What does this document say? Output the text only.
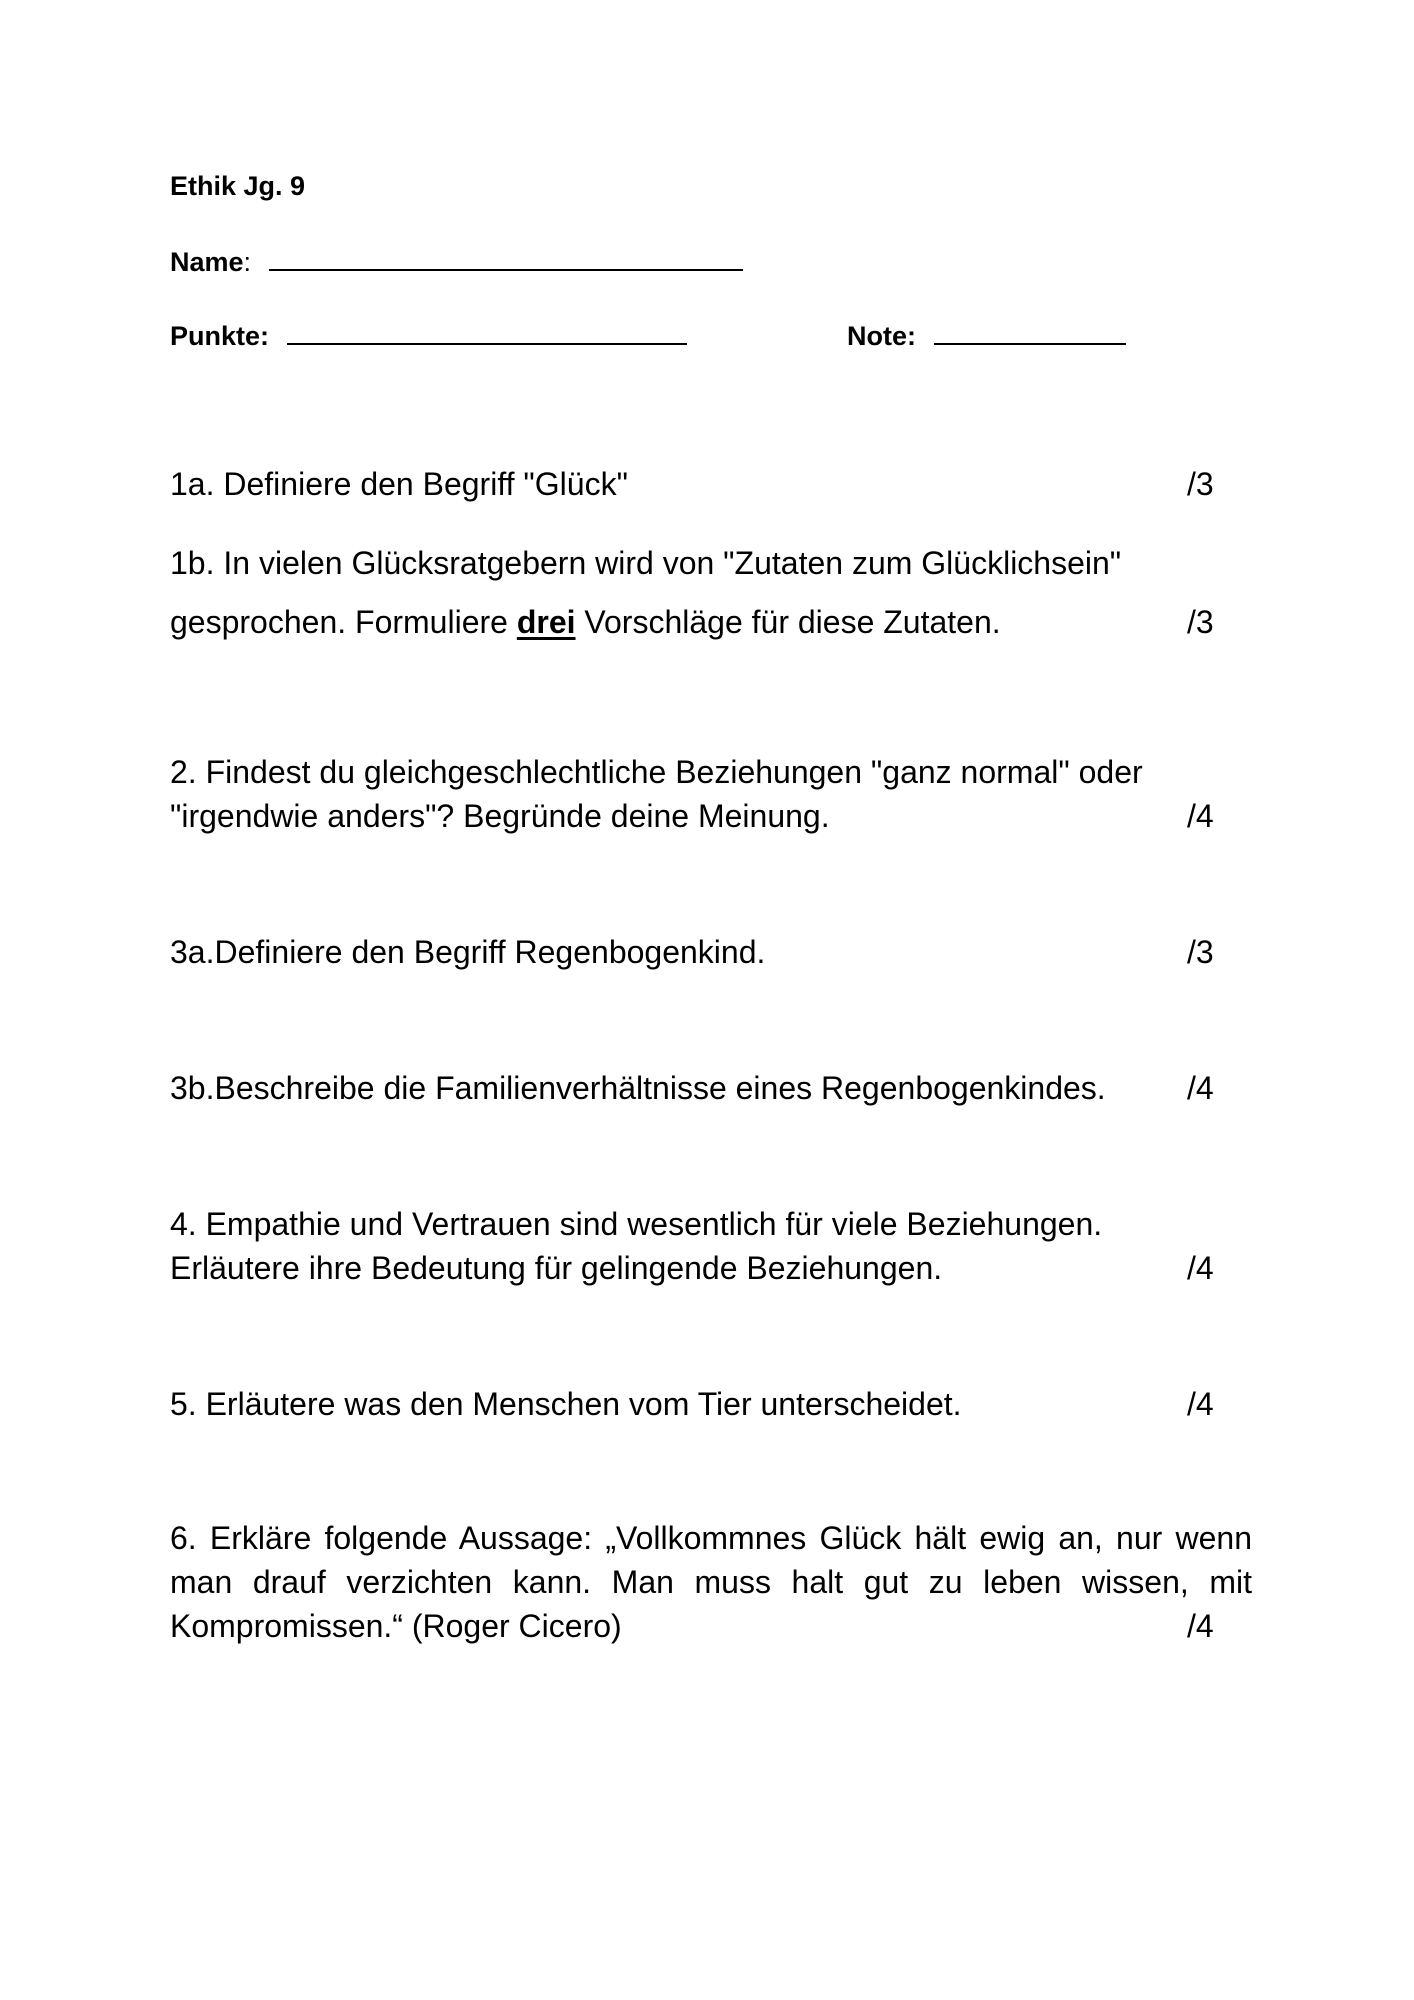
Ethik Jg. 9
Name:
Punkte:	Note:
1a. Definiere den Begriff "Glück"	/3
1b. In vielen Glücksratgebern wird von "Zutaten zum Glücklichsein"
gesprochen. Formuliere drei Vorschläge für diese Zutaten.	/3
2. Findest du gleichgeschlechtliche Beziehungen "ganz normal" oder
"irgendwie anders"? Begründe deine Meinung.	/4
3a.Definiere den Begriff Regenbogenkind.	/3
3b.Beschreibe die Familienverhältnisse eines Regenbogenkindes.	/4
4. Empathie und Vertrauen sind wesentlich für viele Beziehungen.
Erläutere ihre Bedeutung für gelingende Beziehungen.	/4
5. Erläutere was den Menschen vom Tier unterscheidet.	/4
6. Erkläre folgende Aussage: „Vollkommnes Glück hält ewig an, nur wenn man drauf verzichten kann. Man muss halt gut zu leben wissen, mit Kompromissen.“ (Roger Cicero)	/4
